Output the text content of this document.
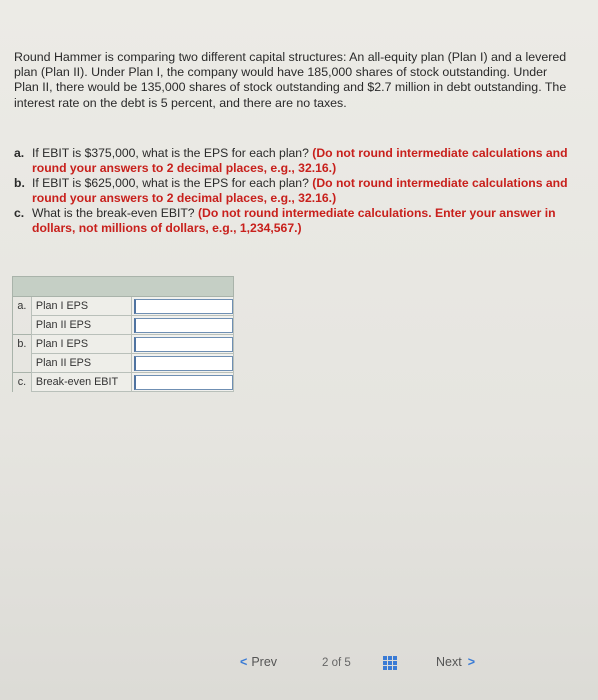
Round Hammer is comparing two different capital structures: An all-equity plan (Plan I) and a levered plan (Plan II). Under Plan I, the company would have 185,000 shares of stock outstanding. Under Plan II, there would be 135,000 shares of stock outstanding and $2.7 million in debt outstanding. The interest rate on the debt is 5 percent, and there are no taxes.
a. If EBIT is $375,000, what is the EPS for each plan? (Do not round intermediate calculations and round your answers to 2 decimal places, e.g., 32.16.)
b. If EBIT is $625,000, what is the EPS for each plan? (Do not round intermediate calculations and round your answers to 2 decimal places, e.g., 32.16.)
c. What is the break-even EBIT? (Do not round intermediate calculations. Enter your answer in dollars, not millions of dollars, e.g., 1,234,567.)

a.	Plan I EPS	

	Plan II EPS	

b.	Plan I EPS	

	Plan II EPS	

c.	Break-even EBIT	
< Prev	2 of 5	Next >
